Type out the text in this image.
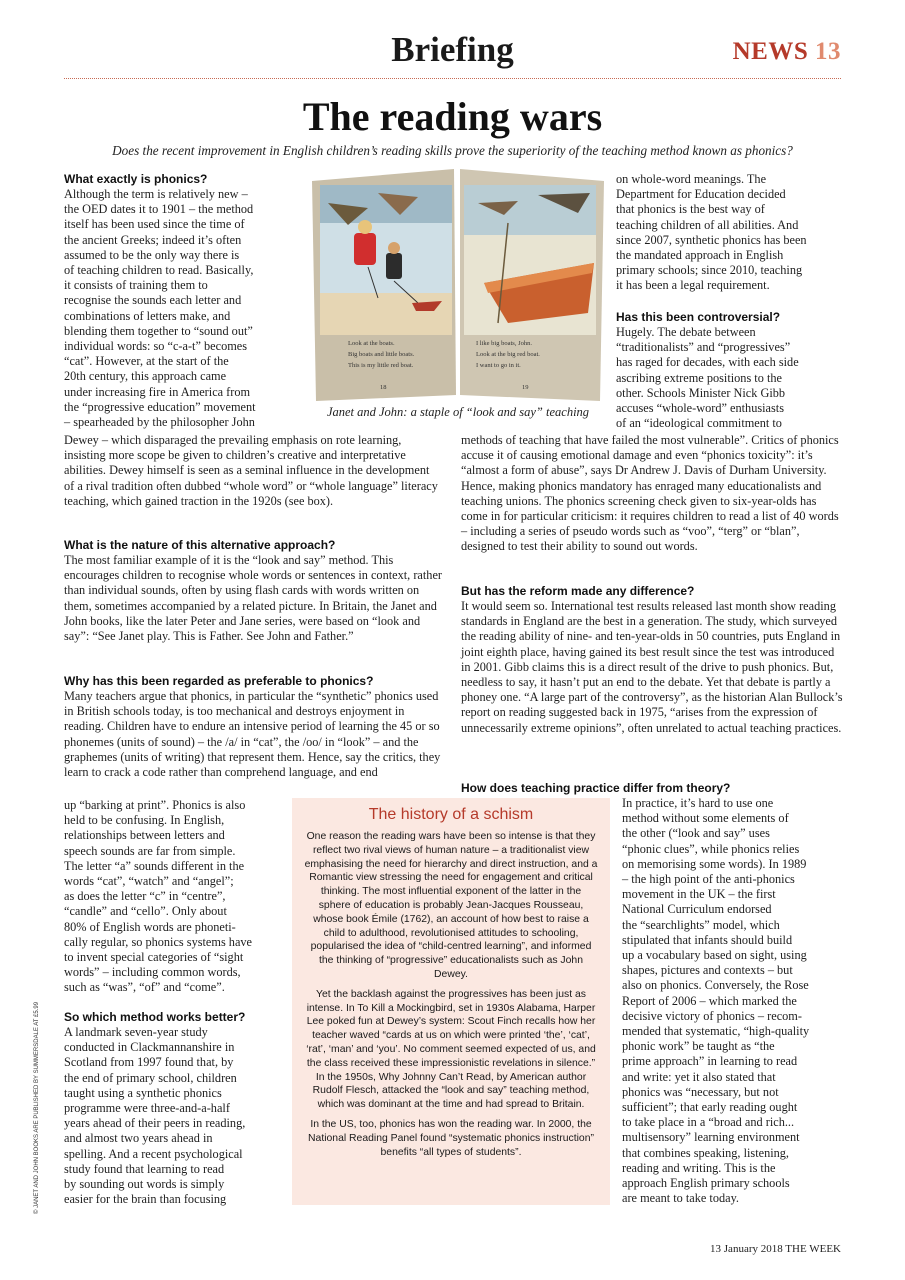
Briefing	NEWS 13
The reading wars
Does the recent improvement in English children’s reading skills prove the superiority of the teaching method known as phonics?

What exactly is phonics?

Although the term is relatively new –
the OED dates it to 1901 – the method
itself has been used since the time of
the ancient Greeks; indeed it’s often
assumed to be the only way there is
of teaching children to read. Basically,
it consists of training them to
recognise the sounds each letter and
combinations of letters make, and
blending them together to “sound out”
individual words: so “c-a-t” becomes
“cat”. However, at the start of the
20th century, this approach came
under increasing fire in America from
the “progressive education” movement
– spearheaded by the philosopher John

Dewey – which disparaged the prevailing emphasis on rote learning, insisting more scope be given to children’s creative and interpretative abilities. Dewey himself is seen as a seminal influence in the development of a rival tradition often dubbed “whole word” or “whole language” literacy teaching, which gained traction in the 1920s (see box).

What is the nature of this alternative approach?

The most familiar example of it is the “look and say” method. This encourages children to recognise whole words or sentences in context, rather than individual sounds, often by using flash cards with words written on them, sometimes accompanied by a related picture. In Britain, the Janet and John books, like the later Peter and Jane series, were based on “look and say”: “See Janet play. This is Father. See John and Father.”

Why has this been regarded as preferable to phonics?

Many teachers argue that phonics, in particular the “synthetic” phonics used in British schools today, is too mechanical and destroys enjoyment in reading. Children have to endure an intensive period of learning the 45 or so phonemes (units of sound) – the /a/ in “cat”, the /oo/ in “look” – and the graphemes (units of writing) that represent them. Hence, say the critics, they learn to crack a code rather than comprehend language, and end

up “barking at print”. Phonics is also
held to be confusing. In English,
relationships between letters and
speech sounds are far from simple.
The letter “a” sounds different in the
words “cat”, “watch” and “angel”;
as does the letter “c” in “centre”,
“candle” and “cello”. Only about
80% of English words are phoneti-
cally regular, so phonics systems have
to invent special categories of “sight
words” – including common words,
such as “was”, “of” and “come”.

So which method works better?

A landmark seven-year study
conducted in Clackmannanshire in
Scotland from 1997 found that, by
the end of primary school, children
taught using a synthetic phonics
programme were three-and-a-half
years ahead of their peers in reading,
and almost two years ahead in
spelling. And a recent psychological
study found that learning to read
by sounding out words is simply
easier for the brain than focusing
Look at the boats.
Big boats and little boats.
This is my little red boat.
18
I like big boats, John.
Look at the big red boat.
I want to go in it.
19
Janet and John: a staple of “look and say” teaching
on whole-word meanings. The
Department for Education decided
that phonics is the best way of
teaching children of all abilities. And
since 2007, synthetic phonics has been
the mandated approach in English
primary schools; since 2010, teaching
it has been a legal requirement.

Has this been controversial?

Hugely. The debate between
“traditionalists” and “progressives”
has raged for decades, with each side
ascribing extreme positions to the
other. Schools Minister Nick Gibb
accuses “whole-word” enthusiasts
of an “ideological commitment to

methods of teaching that have failed the most vulnerable”. Critics of phonics accuse it of causing emotional damage and even “phonics toxicity”: it’s “almost a form of abuse”, says Dr Andrew J. Davis of Durham University. Hence, making phonics mandatory has enraged many educationalists and teaching unions. The phonics screening check given to six-year-olds has come in for particular criticism: it requires children to read a list of 40 words – including a series of pseudo words such as “voo”, “terg” or “blan”, designed to test their ability to sound out words.

But has the reform made any difference?

It would seem so. International test results released last month show reading standards in England are the best in a generation. The study, which surveyed the reading ability of nine- and ten-year-olds in 50 countries, puts England in joint eighth place, having gained its best result since the test was introduced in 2001. Gibb claims this is a direct result of the drive to push phonics. But, needless to say, it hasn’t put an end to the debate. Yet that debate is partly a phoney one. “A large part of the controversy”, as the historian Alan Bullock’s report on reading suggested back in 1975, “arises from the expression of unnecessarily extreme opinions”, often unrelated to actual teaching practices.

How does teaching practice differ from theory?

In practice, it’s hard to use one
method without some elements of
the other (“look and say” uses
“phonic clues”, while phonics relies
on memorising some words). In 1989
– the high point of the anti-phonics
movement in the UK – the first
National Curriculum endorsed
the “searchlights” model, which
stipulated that infants should build
up a vocabulary based on sight, using
shapes, pictures and contexts – but
also on phonics. Conversely, the Rose
Report of 2006 – which marked the
decisive victory of phonics – recom-
mended that systematic, “high-quality
phonic work” be taught as “the
prime approach” in learning to read
and write: yet it also stated that
phonics was “necessary, but not
sufficient”; that early reading ought
to take place in a “broad and rich...
multisensory” learning environment
that combines speaking, listening,
reading and writing. This is the
approach English primary schools
are meant to take today.
The history of a schism

One reason the reading wars have been so intense is that they reflect two rival views of human nature – a traditionalist view emphasising the need for hierarchy and direct instruction, and a Romantic view stressing the need for engagement and critical thinking. The most influential exponent of the latter in the sphere of education is probably Jean-Jacques Rousseau, whose book Émile (1762), an account of how best to raise a child to adulthood, revolutionised attitudes to schooling, popularised the idea of “child-centred learning”, and informed the thinking of “progressive” educationalists such as John Dewey.

Yet the backlash against the progressives has been just as intense. In To Kill a Mockingbird, set in 1930s Alabama, Harper Lee poked fun at Dewey’s system: Scout Finch recalls how her teacher waved “cards at us on which were printed ‘the’, ‘cat’, ‘rat’, ‘man’ and ‘you’. No comment seemed expected of us, and the class received these impressionistic revelations in silence.” In the 1950s, Why Johnny Can’t Read, by American author Rudolf Flesch, attacked the “look and say” teaching method, which was dominant at the time and had spread to Britain.

In the US, too, phonics has won the reading war. In 2000, the National Reading Panel found “systematic phonics instruction” benefits “all types of students”.

© JANET AND JOHN BOOKS ARE PUBLISHED BY SUMMERSDALE AT £5.99
13 January 2018 THE WEEK
